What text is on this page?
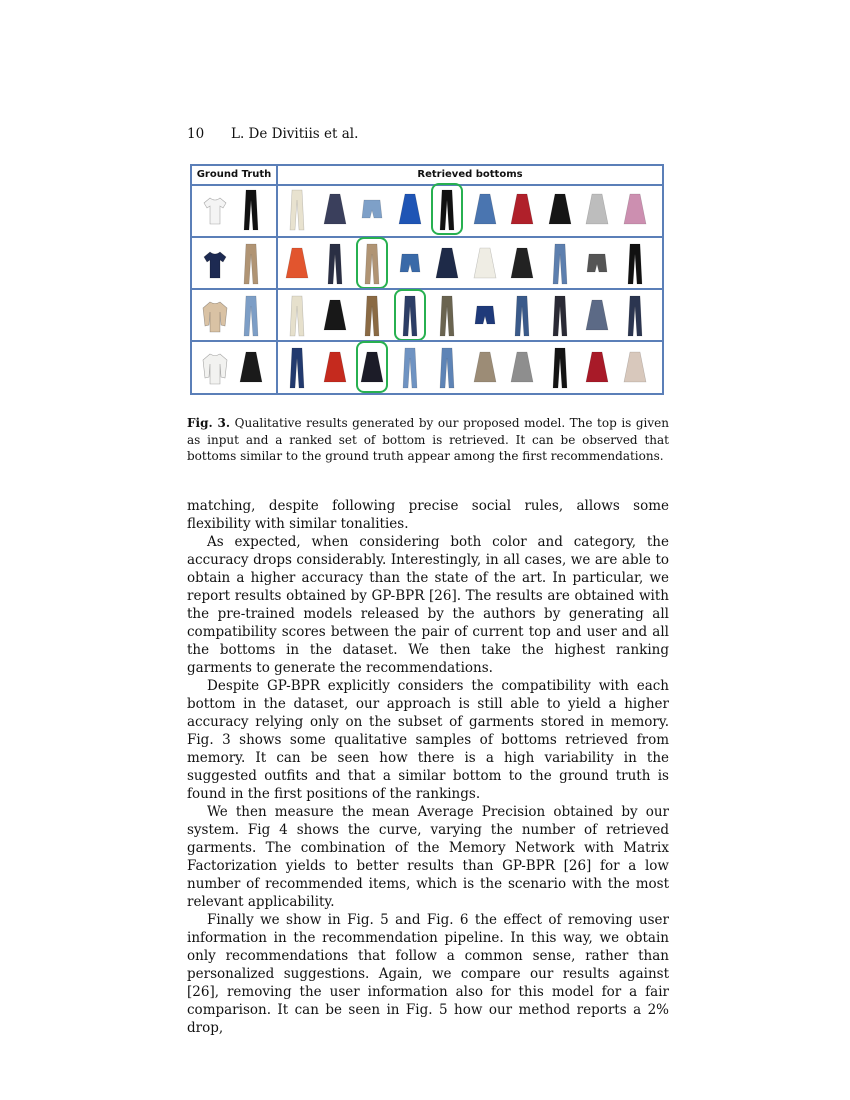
10 L. De Divitiis et al.
Ground Truth	Retrieved bottoms
Fig. 3. Qualitative results generated by our proposed model. The top is given as input and a ranked set of bottom is retrieved. It can be observed that bottoms similar to the ground truth appear among the first recommendations.

matching, despite following precise social rules, allows some flexibility with similar tonalities.

As expected, when considering both color and category, the accuracy drops considerably. Interestingly, in all cases, we are able to obtain a higher accuracy than the state of the art. In particular, we report results obtained by GP-BPR [26]. The results are obtained with the pre-trained models released by the authors by generating all compatibility scores between the pair of current top and user and all the bottoms in the dataset. We then take the highest ranking garments to generate the recommendations.

Despite GP-BPR explicitly considers the compatibility with each bottom in the dataset, our approach is still able to yield a higher accuracy relying only on the subset of garments stored in memory. Fig. 3 shows some qualitative samples of bottoms retrieved from memory. It can be seen how there is a high variability in the suggested outfits and that a similar bottom to the ground truth is found in the first positions of the rankings.

We then measure the mean Average Precision obtained by our system. Fig 4 shows the curve, varying the number of retrieved garments. The combination of the Memory Network with Matrix Factorization yields to better results than GP-BPR [26] for a low number of recommended items, which is the scenario with the most relevant applicability.

Finally we show in Fig. 5 and Fig. 6 the effect of removing user information in the recommendation pipeline. In this way, we obtain only recommendations that follow a common sense, rather than personalized suggestions. Again, we compare our results against [26], removing the user information also for this model for a fair comparison. It can be seen in Fig. 5 how our method reports a 2% drop,
